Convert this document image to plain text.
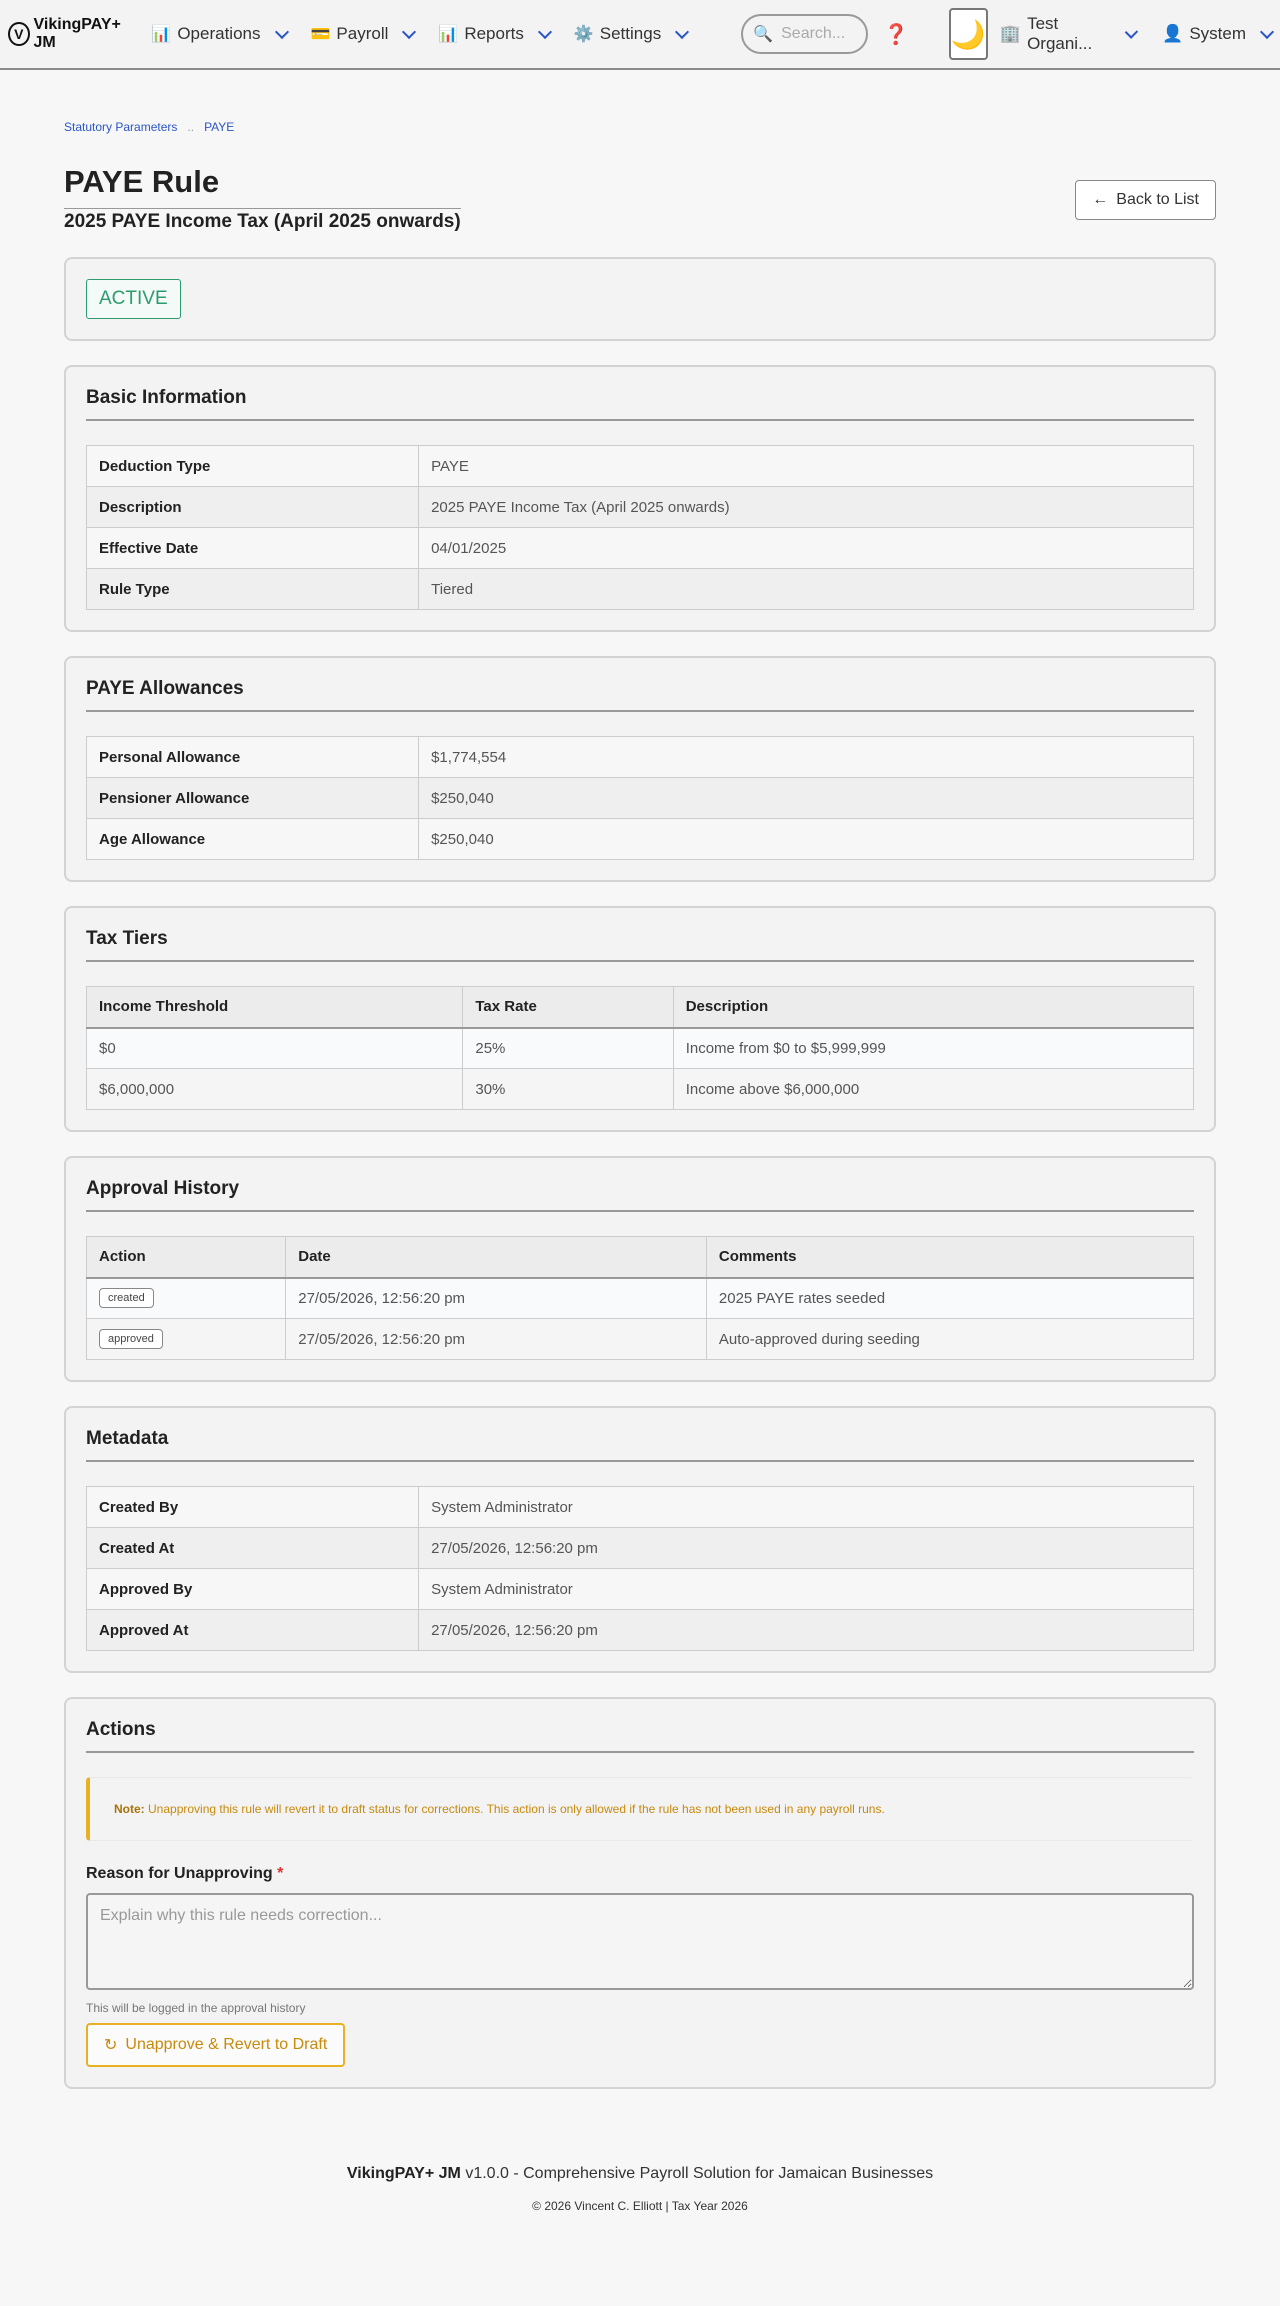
V
VikingPAY+ JM	📊 Operations	💳 Payroll	📊 Reports	⚙️ Settings	🔍 Search... ❓ 🌙 🏢
Test Organi...
👤 System
Statutory Parameters .. PAYE
PAYE Rule
2025 PAYE Income Tax (April 2025 onwards)
← Back to List
ACTIVE
Basic Information
Deduction Type	PAYE
Description	2025 PAYE Income Tax (April 2025 onwards)
Effective Date	04/01/2025
Rule Type	Tiered
PAYE Allowances
Personal Allowance	$1,774,554
Pensioner Allowance	$250,040
Age Allowance	$250,040
Tax Tiers
Income Threshold	Tax Rate	Description
$0	25%	Income from $0 to $5,999,999
$6,000,000	30%	Income above $6,000,000
Approval History
Action	Date	Comments
created	27/05/2026, 12:56:20 pm	2025 PAYE rates seeded
approved	27/05/2026, 12:56:20 pm	Auto-approved during seeding
Metadata
Created By	System Administrator
Created At	27/05/2026, 12:56:20 pm
Approved By	System Administrator
Approved At	27/05/2026, 12:56:20 pm
Actions
Note: Unapproving this rule will revert it to draft status for corrections. This action is only allowed if the rule has not been used in any payroll runs.
Reason for Unapproving *
Explain why this rule needs correction...
This will be logged in the approval history
↻ Unapprove & Revert to Draft
VikingPAY+ JM v1.0.0 - Comprehensive Payroll Solution for Jamaican Businesses
© 2026 Vincent C. Elliott | Tax Year 2026
